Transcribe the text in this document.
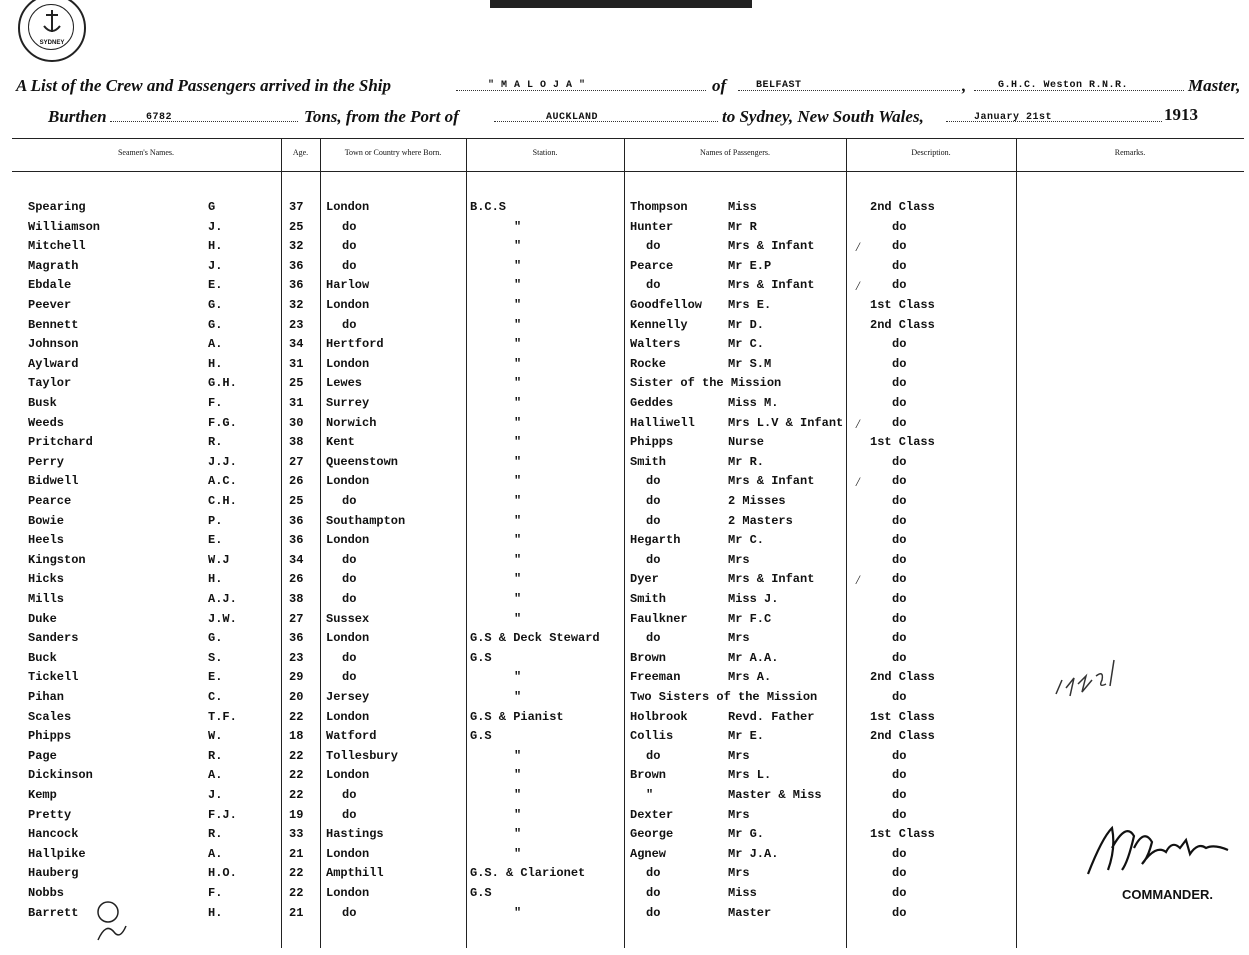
SYDNEY
A List of the Crew and Passengers arrived in the Ship	" M A L O J A "	of	BELFAST	,	G.H.C. Weston R.N.R.	Master,
Burthen	6782	Tons, from the Port of	AUCKLAND	to Sydney, New South Wales,	January 21st	1913
Seamen's Names.	Age.	Town or Country where Born.	Station.	Names of Passengers.	Description.	Remarks.
Spearing	G	37 London	B.C.S	Thompson	Miss	2nd Class
Williamson	J.	25	do	"	Hunter	Mr R	do
Mitchell	H.	32	do	"	do	Mrs & Infant	/	do
Magrath	J.	36	do	"	Pearce	Mr E.P	do
Ebdale	E.	36 Harlow	"	do	Mrs & Infant	/	do
Peever	G.	32 London	"	Goodfellow Mrs E.	1st Class
Bennett	G.	23	do	"	Kennelly	Mr D.	2nd Class
Johnson	A.	34 Hertford	"	Walters	Mr C.	do
Aylward	H.	31 London	"	Rocke	Mr S.M	do
Taylor	G.H.	25 Lewes	"	Sister of the Mission	do
Busk	F.	31 Surrey	"	Geddes	Miss M.	do
Weeds	F.G.	30 Norwich	"	Halliwell	Mrs L.V & Infant /	do
Pritchard	R.	38 Kent	"	Phipps	Nurse	1st Class
Perry	J.J.	27 Queenstown	"	Smith	Mr R.	do
Bidwell	A.C.	26 London	"	do	Mrs & Infant	/	do
Pearce	C.H.	25	do	"	do	2 Misses	do
Bowie	P.	36 Southampton	"	do	2 Masters	do
Heels	E.	36 London	"	Hegarth	Mr C.	do
Kingston	W.J	34	do	"	do	Mrs	do
Hicks	H.	26	do	"	Dyer	Mrs & Infant	/	do
Mills	A.J.	38	do	"	Smith	Miss J.	do
Duke	J.W.	27 Sussex	"	Faulkner	Mr F.C	do
Sanders	G.	36 London	G.S & Deck Steward	do	Mrs	do
Buck	S.	23	do	G.S	Brown	Mr A.A.	do
Tickell	E.	29	do	"	Freeman	Mrs A.	2nd Class
Pihan	C.	20 Jersey	"	Two Sisters of the Mission	do
Scales	T.F.	22 London	G.S & Pianist	Holbrook	Revd. Father	1st Class
Phipps	W.	18 Watford	G.S	Collis	Mr E.	2nd Class
Page	R.	22 Tollesbury	"	do	Mrs	do
Dickinson	A.	22 London	"	Brown	Mrs L.	do
Kemp	J.	22	do	"	"	Master & Miss	do
Pretty	F.J.	19	do	"	Dexter	Mrs	do
Hancock	R.	33 Hastings	"	George	Mr G.	1st Class
Hallpike	A.	21 London	"	Agnew	Mr J.A.	do
Hauberg	H.O.	22 Ampthill	G.S. & Clarionet	do	Mrs	do
Nobbs	F.	22 London	G.S	do	Miss	do
Barrett	H.	21	do	"	do	Master	do
COMMANDER.
